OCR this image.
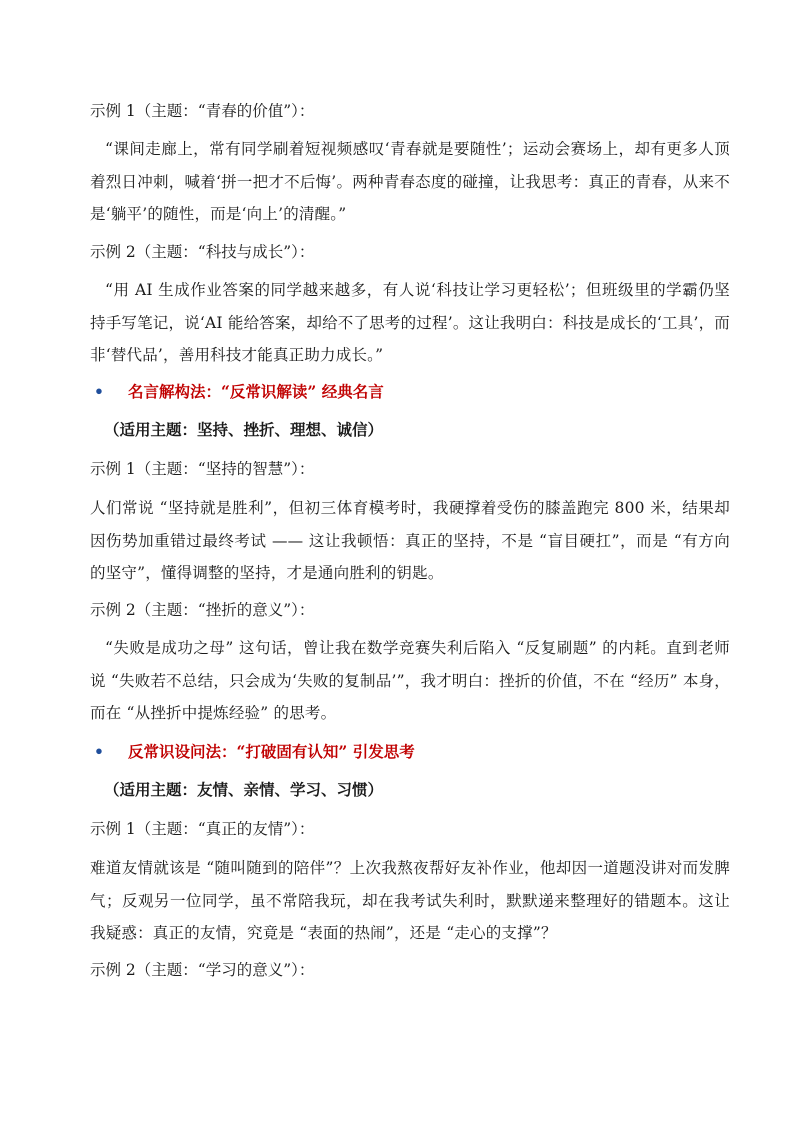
示例 1（主题：“青春的价值”）：
“课间走廊上，常有同学刷着短视频感叹‘青春就是要随性’；运动会赛场上，却有更多人顶着烈日冲刺，喊着‘拼一把才不后悔’。两种青春态度的碰撞，让我思考：真正的青春，从来不是‘躺平’的随性，而是‘向上’的清醒。”
示例 2（主题：“科技与成长”）：
“用 AI 生成作业答案的同学越来越多，有人说‘科技让学习更轻松’；但班级里的学霸仍坚持手写笔记，说‘AI 能给答案，却给不了思考的过程’。这让我明白：科技是成长的‘工具’，而非‘替代品’，善用科技才能真正助力成长。”
• 名言解构法：“反常识解读” 经典名言
（适用主题：坚持、挫折、理想、诚信）
示例 1（主题：“坚持的智慧”）：
人们常说 “坚持就是胜利”，但初三体育模考时，我硬撑着受伤的膝盖跑完 800 米，结果却因伤势加重错过最终考试 —— 这让我顿悟：真正的坚持，不是 “盲目硬扛”，而是 “有方向的坚守”，懂得调整的坚持，才是通向胜利的钥匙。
示例 2（主题：“挫折的意义”）：
“失败是成功之母” 这句话，曾让我在数学竞赛失利后陷入 “反复刷题” 的内耗。直到老师说 “失败若不总结，只会成为‘失败的复制品’”，我才明白：挫折的价值，不在 “经历” 本身，而在 “从挫折中提炼经验” 的思考。
• 反常识设问法：“打破固有认知” 引发思考
（适用主题：友情、亲情、学习、习惯）
示例 1（主题：“真正的友情”）：
难道友情就该是 “随叫随到的陪伴”？上次我熬夜帮好友补作业，他却因一道题没讲对而发脾气；反观另一位同学，虽不常陪我玩，却在我考试失利时，默默递来整理好的错题本。这让我疑惑：真正的友情，究竟是 “表面的热闹”，还是 “走心的支撑”？
示例 2（主题：“学习的意义”）：
